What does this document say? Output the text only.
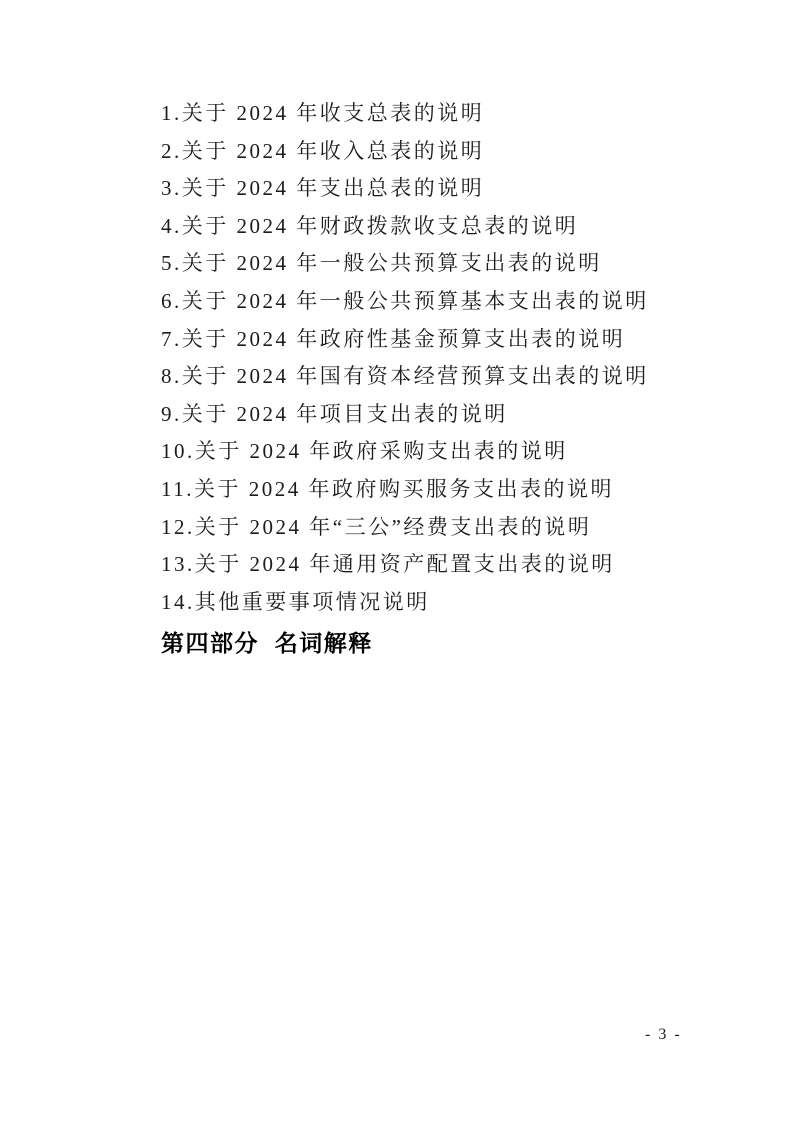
1.关于 2024 年收支总表的说明
2.关于 2024 年收入总表的说明
3.关于 2024 年支出总表的说明
4.关于 2024 年财政拨款收支总表的说明
5.关于 2024 年一般公共预算支出表的说明
6.关于 2024 年一般公共预算基本支出表的说明
7.关于 2024 年政府性基金预算支出表的说明
8.关于 2024 年国有资本经营预算支出表的说明
9.关于 2024 年项目支出表的说明
10.关于 2024 年政府采购支出表的说明
11.关于 2024 年政府购买服务支出表的说明
12.关于 2024 年“三公”经费支出表的说明
13.关于 2024 年通用资产配置支出表的说明
14.其他重要事项情况说明
第四部分  名词解释
- 3 -
